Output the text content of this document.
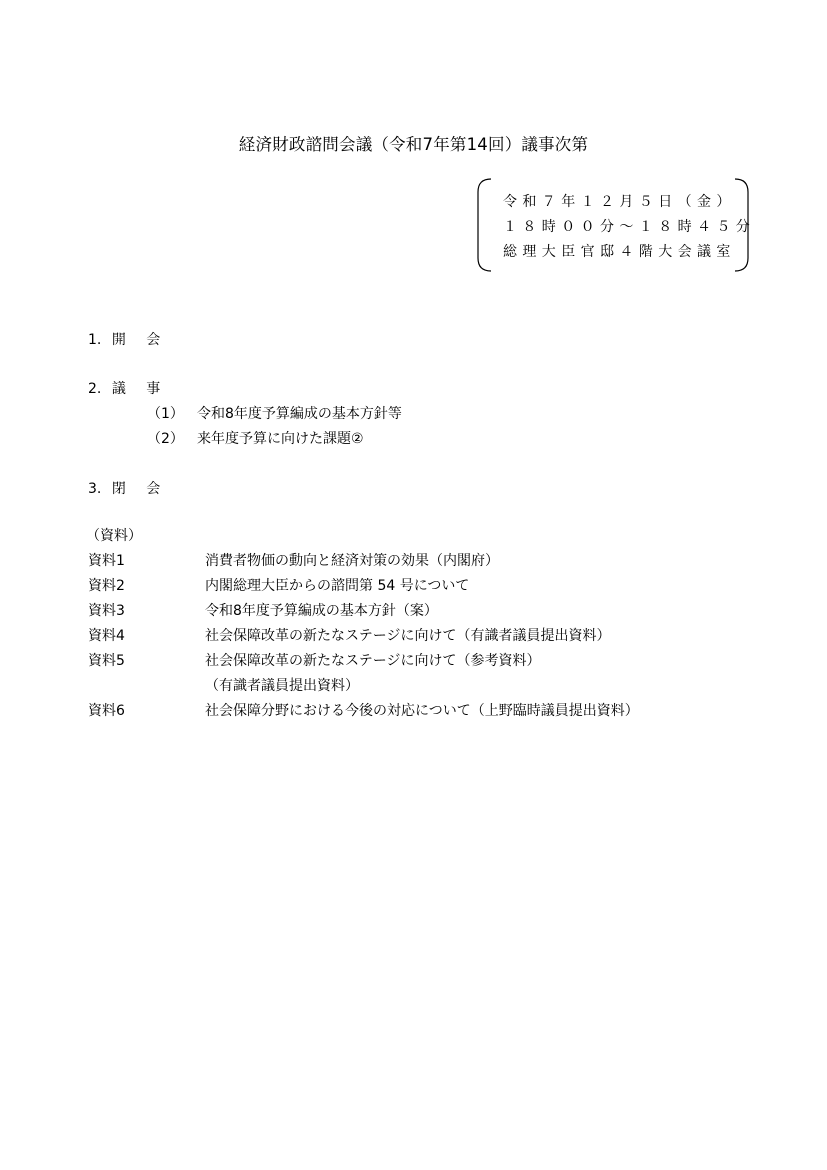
経済財政諮問会議（令和7年第14回）議事次第
令和７年１２月５日（金）
１８時００分～１８時４５分
総理大臣官邸４階大会議室
1. 開 会
2. 議 事
（1） 令和8年度予算編成の基本方針等
（2） 来年度予算に向けた課題②
3. 閉 会
（資料）
資料1	消費者物価の動向と経済対策の効果（内閣府）
資料2	内閣総理大臣からの諮問第 54 号について
資料3	令和8年度予算編成の基本方針（案）
資料4	社会保障改革の新たなステージに向けて（有識者議員提出資料）
資料5	社会保障改革の新たなステージに向けて（参考資料）
（有識者議員提出資料）
資料6	社会保障分野における今後の対応について（上野臨時議員提出資料）
